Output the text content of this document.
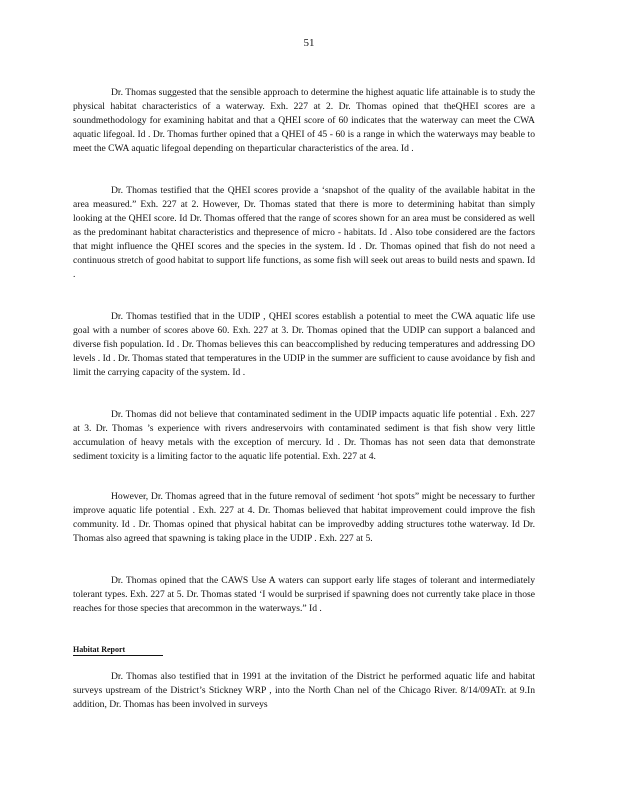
51

Dr. Thomas suggested that the sensible approach to determine the highest aquatic life attainable is to study the physical habitat characteristics of a waterway. Exh. 227 at 2. Dr. Thomas opined that theQHEI scores are a soundmethodology for examining habitat and that a QHEI score of 60 indicates that the waterway can meet the CWA aquatic lifegoal. Id . Dr. Thomas further opined that a QHEI of 45 - 60 is a range in which the waterways may beable to meet the CWA aquatic lifegoal depending on theparticular characteristics of the area. Id .

Dr. Thomas testified that the QHEI scores provide a ‘snapshot of the quality of the available habitat in the area measured.” Exh. 227 at 2. However, Dr. Thomas stated that there is more to determining habitat than simply looking at the QHEI score. Id Dr. Thomas offered that the range of scores shown for an area must be considered as well as the predominant habitat characteristics and thepresence of micro - habitats. Id . Also tobe considered are the factors that might influence the QHEI scores and the species in the system. Id . Dr. Thomas opined that fish do not need a continuous stretch of good habitat to support life functions, as some fish will seek out areas to build nests and spawn. Id .

Dr. Thomas testified that in the UDIP , QHEI scores establish a potential to meet the CWA aquatic life use goal with a number of scores above 60. Exh. 227 at 3. Dr. Thomas opined that the UDIP can support a balanced and diverse fish population. Id . Dr. Thomas believes this can beaccomplished by reducing temperatures and addressing DO levels . Id . Dr. Thomas stated that temperatures in the UDIP in the summer are sufficient to cause avoidance by fish and limit the carrying capacity of the system. Id .

Dr. Thomas did not believe that contaminated sediment in the UDIP impacts aquatic life potential . Exh. 227 at 3. Dr. Thomas ’s experience with rivers andreservoirs with contaminated sediment is that fish show very little accumulation of heavy metals with the exception of mercury. Id . Dr. Thomas has not seen data that demonstrate sediment toxicity is a limiting factor to the aquatic life potential. Exh. 227 at 4.

However, Dr. Thomas agreed that in the future removal of sediment ‘hot spots” might be necessary to further improve aquatic life potential . Exh. 227 at 4. Dr. Thomas believed that habitat improvement could improve the fish community. Id . Dr. Thomas opined that physical habitat can be improvedby adding structures tothe waterway. Id Dr. Thomas also agreed that spawning is taking place in the UDIP . Exh. 227 at 5.

Dr. Thomas opined that the CAWS Use A waters can support early life stages of tolerant and intermediately tolerant types. Exh. 227 at 5. Dr. Thomas stated ‘I would be surprised if spawning does not currently take place in those reaches for those species that arecommon in the waterways.” Id .

Habitat Report

Dr. Thomas also testified that in 1991 at the invitation of the District he performed aquatic life and habitat surveys upstream of the District’s Stickney WRP , into the North Chan nel of the Chicago River. 8/14/09ATr. at 9.In addition, Dr. Thomas has been involved in surveys
